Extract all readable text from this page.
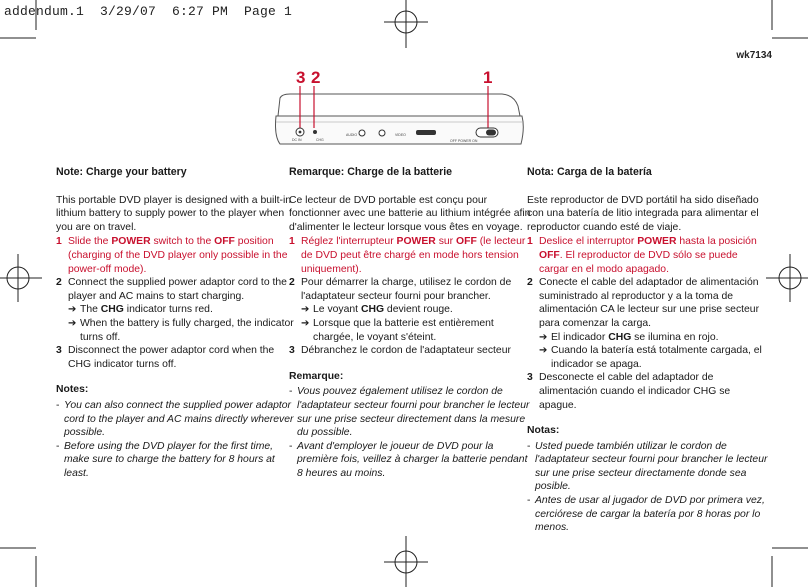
addendum.1  3/29/07  6:27 PM  Page 1
wk7134
3 2	1
DC IN	CHG
AUDIO	VIDEO
OFF POWER ON
Note: Charge your battery
This portable DVD player is designed with a built-in lithium battery to supply power to the player when you are on travel.
1 Slide the POWER switch to the OFF position (charging of the DVD player only possible in the power-off mode).
2 Connect the supplied power adaptor cord to the player and AC mains to start charging.
➔ The CHG indicator turns red.
➔ When the battery is fully charged, the indicator turns off.
3 Disconnect the power adaptor cord when the CHG indicator turns off.
Notes:
- You can also connect the supplied power adaptor cord to the player and AC mains directly wherever possible.
- Before using the DVD player for the first time, make sure to charge the battery for 8 hours at least.
Remarque: Charge de la batterie
Ce lecteur de DVD portable est conçu pour fonctionner avec une batterie au lithium intégrée afin d'alimenter le lecteur lorsque vous êtes en voyage.
1 Réglez l'interrupteur POWER sur OFF (le lecteur de DVD peut être chargé en mode hors tension uniquement).
2 Pour démarrer la charge, utilisez le cordon de l'adaptateur secteur fourni pour brancher.
➔ Le voyant CHG devient rouge.
➔ Lorsque que la batterie est entièrement chargée, le voyant s'éteint.
3 Débranchez le cordon de l'adaptateur secteur
Remarque:
- Vous pouvez également utilisez le cordon de l'adaptateur secteur fourni pour brancher le lecteur sur une prise secteur directement dans la mesure du possible.
- Avant d'employer le joueur de DVD pour la première fois, veillez à charger la batterie pendant 8 heures au moins.
Nota: Carga de la batería
Este reproductor de DVD portátil ha sido diseñado con una batería de litio integrada para alimentar el reproductor cuando esté de viaje.
1 Deslice el interruptor POWER hasta la posición OFF. El reproductor de DVD sólo se puede cargar en el modo apagado.
2 Conecte el cable del adaptador de alimentación suministrado al reproductor y a la toma de alimentación CA le lecteur sur une prise secteur para comenzar la carga.
➔ El indicador CHG se ilumina en rojo.
➔ Cuando la batería está totalmente cargada, el indicador se apaga.
3 Desconecte el cable del adaptador de alimentación cuando el indicador CHG se apague.
Notas:
- Usted puede también utilizar le cordon de l'adaptateur secteur fourni pour brancher le lecteur sur une prise secteur directamente donde sea posible.
- Antes de usar al jugador de DVD por primera vez, cerciórese de cargar la batería por 8 horas por lo menos.
